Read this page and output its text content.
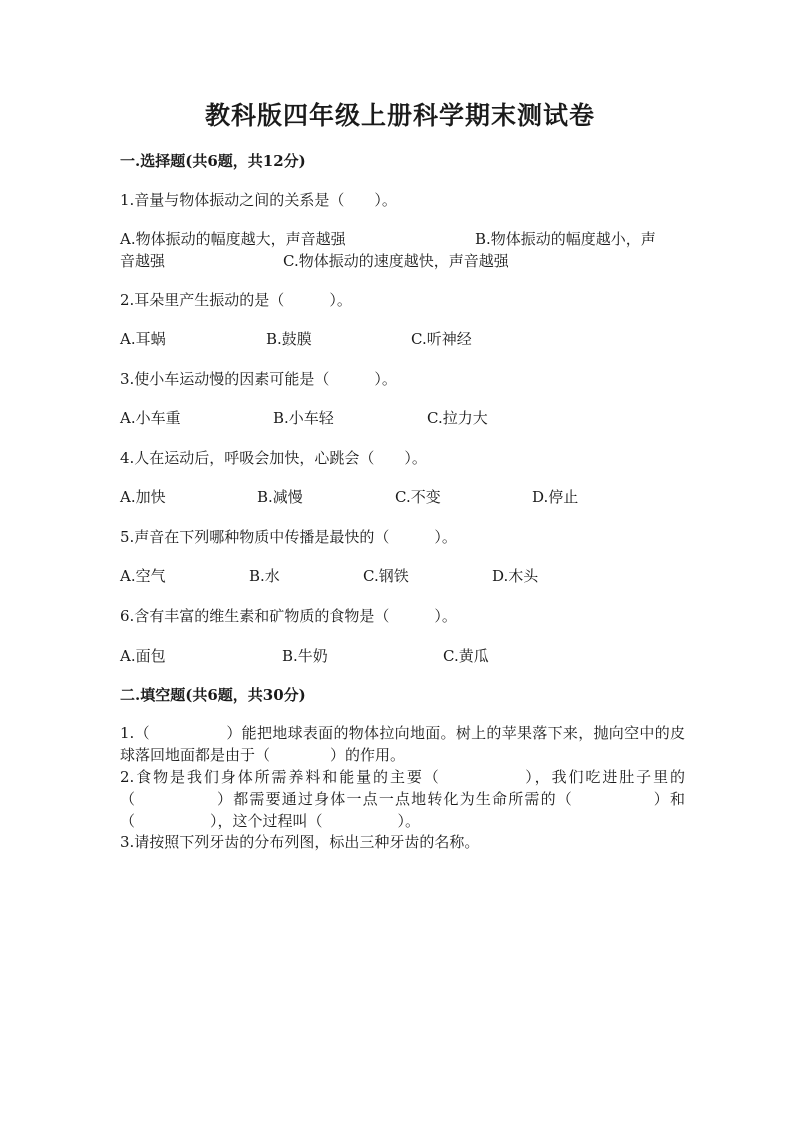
教科版四年级上册科学期末测试卷
一.选择题(共6题，共12分)
1.音量与物体振动之间的关系是（　　）。
A.物体振动的幅度越大，声音越强	B.物体振动的幅度越小，声
音越强	C.物体振动的速度越快，声音越强
2.耳朵里产生振动的是（　　　）。
A.耳蜗	B.鼓膜	C.听神经
3.使小车运动慢的因素可能是（　　　）。
A.小车重	B.小车轻	C.拉力大
4.人在运动后，呼吸会加快，心跳会（　　）。
A.加快	B.减慢	C.不变	D.停止
5.声音在下列哪种物质中传播是最快的（　　　）。
A.空气	B.水	C.钢铁	D.木头
6.含有丰富的维生素和矿物质的食物是（　　　）。
A.面包	B.牛奶	C.黄瓜
二.填空题(共6题，共30分)
1.（　　　　　）能把地球表面的物体拉向地面。树上的苹果落下来，抛向空中的皮球落回地面都是由于（　　　　）的作用。
2.食物是我们身体所需养料和能量的主要（　　　　　），我们吃进肚子里的（　　　　　）都需要通过身体一点一点地转化为生命所需的（　　　　　）和（　　　　　），这个过程叫（　　　　　）。
3.请按照下列牙齿的分布列图，标出三种牙齿的名称。
